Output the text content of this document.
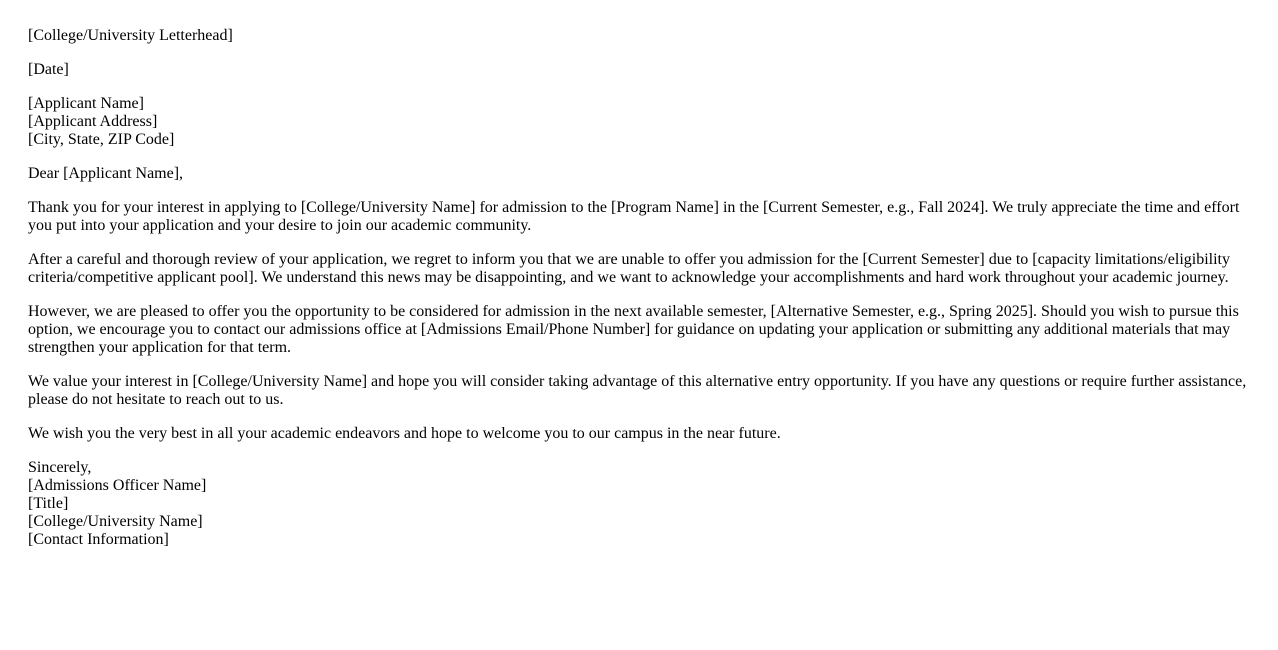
[College/University Letterhead]

[Date]

[Applicant Name]
[Applicant Address]
[City, State, ZIP Code]

Dear [Applicant Name],

Thank you for your interest in applying to [College/University Name] for admission to the [Program Name] in the [Current Semester, e.g., Fall 2024]. We truly appreciate the time and effort you put into your application and your desire to join our academic community.

After a careful and thorough review of your application, we regret to inform you that we are unable to offer you admission for the [Current Semester] due to [capacity limitations/eligibility criteria/competitive applicant pool]. We understand this news may be disappointing, and we want to acknowledge your accomplishments and hard work throughout your academic journey.

However, we are pleased to offer you the opportunity to be considered for admission in the next available semester, [Alternative Semester, e.g., Spring 2025]. Should you wish to pursue this option, we encourage you to contact our admissions office at [Admissions Email/Phone Number] for guidance on updating your application or submitting any additional materials that may strengthen your application for that term.

We value your interest in [College/University Name] and hope you will consider taking advantage of this alternative entry opportunity. If you have any questions or require further assistance, please do not hesitate to reach out to us.

We wish you the very best in all your academic endeavors and hope to welcome you to our campus in the near future.

Sincerely,
[Admissions Officer Name]
[Title]
[College/University Name]
[Contact Information]
